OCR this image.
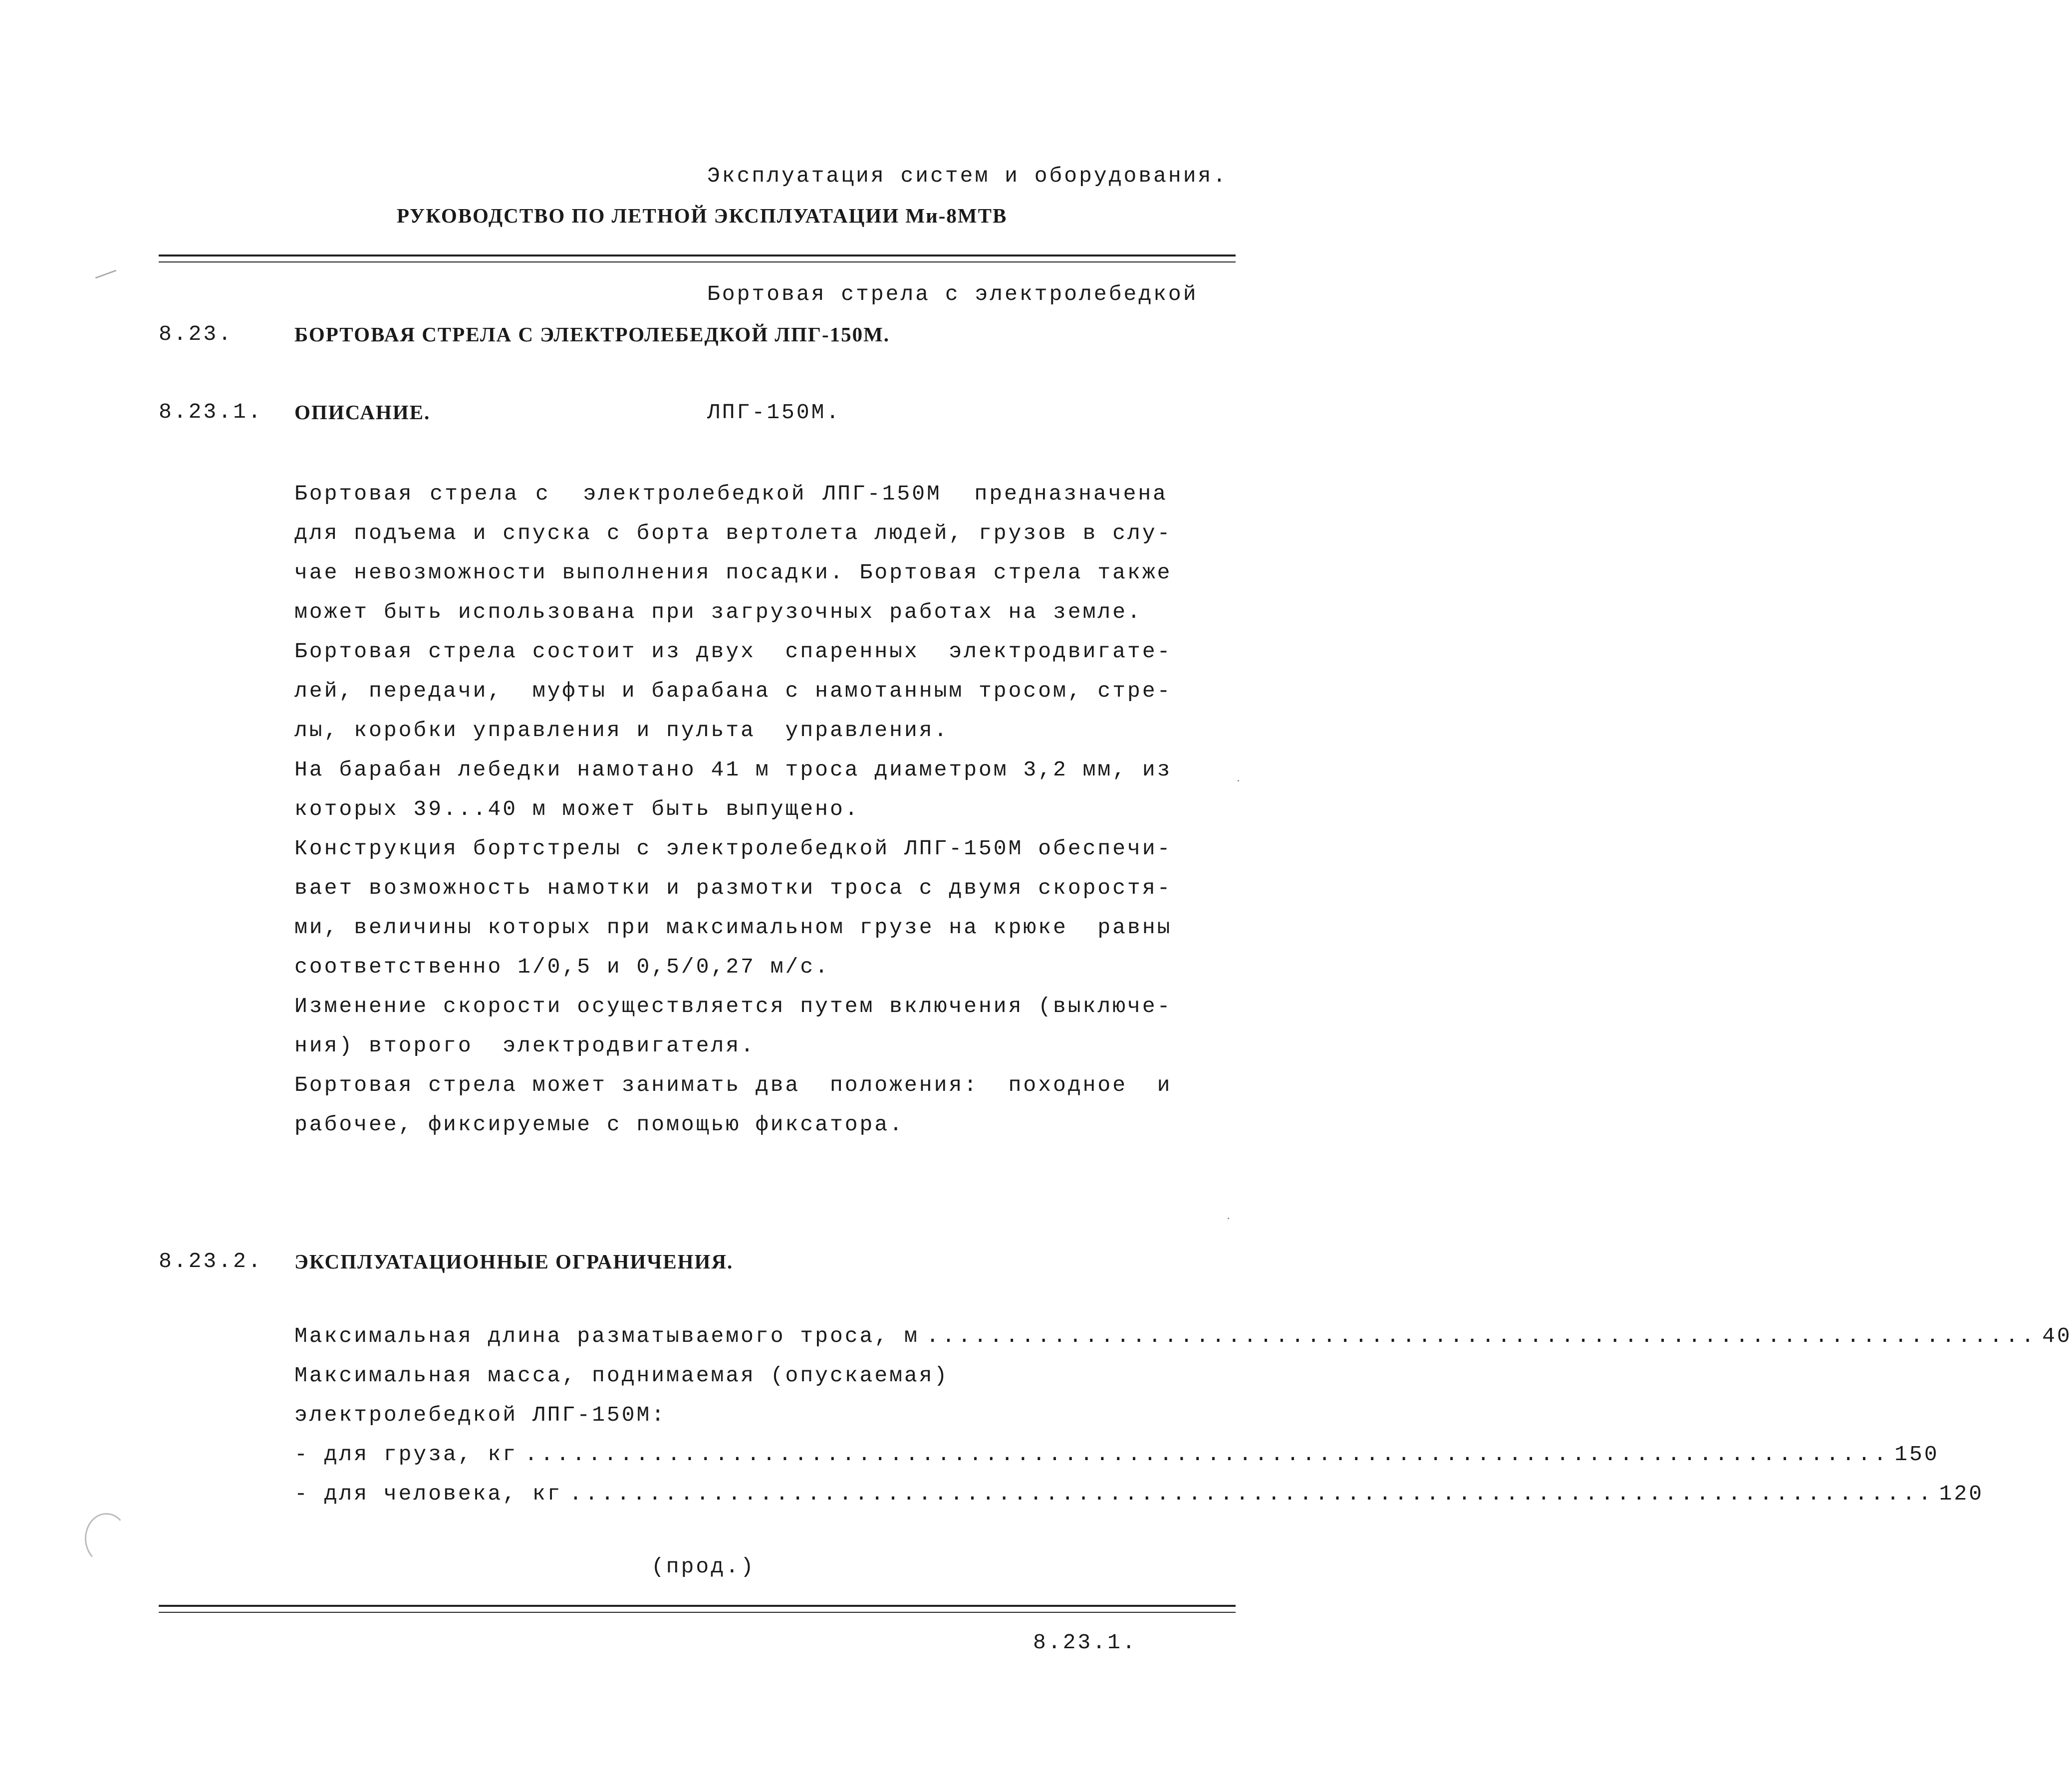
Эксплуатация систем и оборудования.

Бортовая стрела с электролебедкой

ЛПГ-150М.

РУКОВОДСТВО ПО ЛЕТНОЙ ЭКСПЛУАТАЦИИ Ми-8МТВ
8.23.	БОРТОВАЯ СТРЕЛА С ЭЛЕКТРОЛЕБЕДКОЙ ЛПГ-150М.
8.23.1. ОПИСАНИЕ.
Бортовая стрела с  электролебедкой ЛПГ-150М  предназначена
для подъема и спуска с борта вертолета людей, грузов в слу-
чае невозможности выполнения посадки. Бортовая стрела также
может быть использована при загрузочных работах на земле.
Бортовая стрела состоит из двух  спаренных  электродвигате-
лей, передачи,  муфты и барабана с намотанным тросом, стре-
лы, коробки управления и пульта  управления.
На барабан лебедки намотано 41 м троса диаметром 3,2 мм, из
которых 39...40 м может быть выпущено.
Конструкция бортстрелы с электролебедкой ЛПГ-150М обеспечи-
вает возможность намотки и размотки троса с двумя скоростя-
ми, величины которых при максимальном грузе на крюке  равны
соответственно 1/0,5 и 0,5/0,27 м/с.
Изменение скорости осуществляется путем включения (выключе-
ния) второго  электродвигателя.
Бортовая стрела может занимать два  положения:  походное  и
рабочее, фиксируемые с помощью фиксатора.
8.23.2. ЭКСПЛУАТАЦИОННЫЕ ОГРАНИЧЕНИЯ.
Максимальная длина разматываемого троса, м ...................................................................... 40
Максимальная масса, поднимаемая (опускаемая)
электролебедкой ЛПГ-150М:
- для груза, кг ...................................................................................... 150
- для человека, кг ...................................................................................... 120
(прод.)
8.23.1.
